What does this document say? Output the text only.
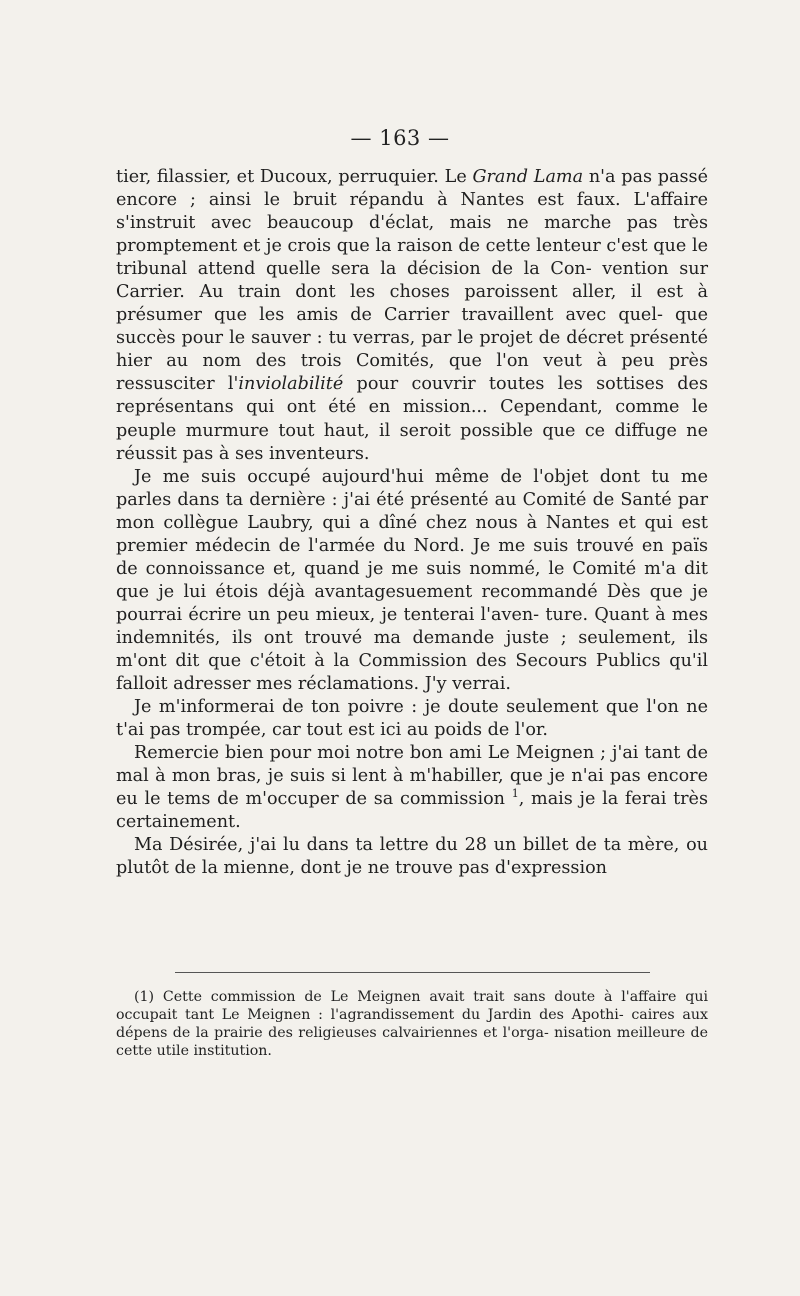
— 163 —

tier, filassier, et Ducoux, perruquier. Le Grand Lama n'a pas passé encore ; ainsi le bruit répandu à Nantes est faux. L'affaire s'instruit avec beaucoup d'éclat, mais ne marche pas très promptement et je crois que la raison de cette lenteur c'est que le tribunal attend quelle sera la décision de la Con- vention sur Carrier. Au train dont les choses paroissent aller, il est à présumer que les amis de Carrier travaillent avec quel- que succès pour le sauver : tu verras, par le projet de décret présenté hier au nom des trois Comités, que l'on veut à peu près ressusciter l'inviolabilité pour couvrir toutes les sottises des représentans qui ont été en mission... Cependant, comme le peuple murmure tout haut, il seroit possible que ce diffuge ne réussit pas à ses inventeurs.

Je me suis occupé aujourd'hui même de l'objet dont tu me parles dans ta dernière : j'ai été présenté au Comité de Santé par mon collègue Laubry, qui a dîné chez nous à Nantes et qui est premier médecin de l'armée du Nord. Je me suis trouvé en païs de connoissance et, quand je me suis nommé, le Comité m'a dit que je lui étois déjà avantagesuement recommandé Dès que je pourrai écrire un peu mieux, je tenterai l'aven- ture. Quant à mes indemnités, ils ont trouvé ma demande juste ; seulement, ils m'ont dit que c'étoit à la Commission des Secours Publics qu'il falloit adresser mes réclamations. J'y verrai.

Je m'informerai de ton poivre : je doute seulement que l'on ne t'ai pas trompée, car tout est ici au poids de l'or.

Remercie bien pour moi notre bon ami Le Meignen ; j'ai tant de mal à mon bras, je suis si lent à m'habiller, que je n'ai pas encore eu le tems de m'occuper de sa commission $^1$, mais je la ferai très certainement.

Ma Désirée, j'ai lu dans ta lettre du 28 un billet de ta mère, ou plutôt de la mienne, dont je ne trouve pas d'expression

(1) Cette commission de Le Meignen avait trait sans doute à l'affaire qui occupait tant Le Meignen : l'agrandissement du Jardin des Apothi- caires aux dépens de la prairie des religieuses calvairiennes et l'orga- nisation meilleure de cette utile institution.
